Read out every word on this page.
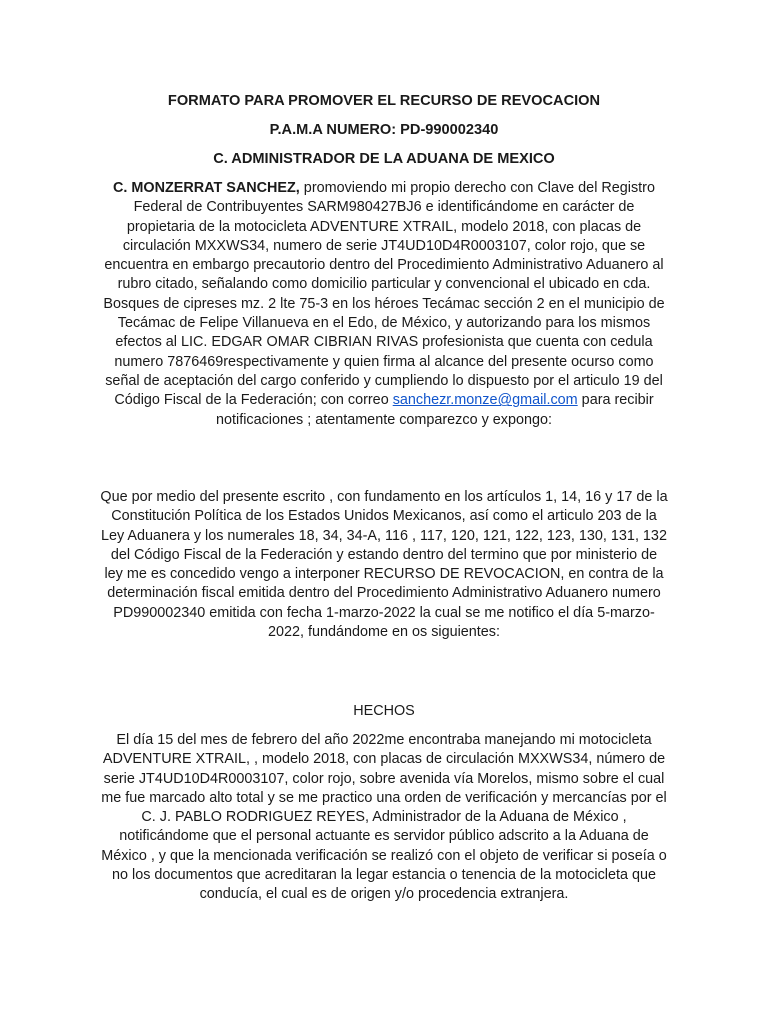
FORMATO PARA PROMOVER EL RECURSO DE REVOCACION

P.A.M.A NUMERO: PD-990002340

C. ADMINISTRADOR DE LA ADUANA DE MEXICO

C. MONZERRAT SANCHEZ, promoviendo mi propio derecho con Clave del Registro Federal de Contribuyentes SARM980427BJ6 e identificándome en carácter de propietaria de la motocicleta ADVENTURE XTRAIL, modelo 2018, con placas de circulación MXXWS34, numero de serie JT4UD10D4R0003107, color rojo, que se encuentra en embargo precautorio dentro del Procedimiento Administrativo Aduanero al rubro citado, señalando como domicilio particular y convencional el ubicado en cda. Bosques de cipreses mz. 2 lte 75-3 en los héroes Tecámac sección 2 en el municipio de Tecámac de Felipe Villanueva en el Edo, de México, y autorizando para los mismos efectos al LIC. EDGAR OMAR CIBRIAN RIVAS profesionista que cuenta con cedula numero 7876469respectivamente y quien firma al alcance del presente ocurso como señal de aceptación del cargo conferido y cumpliendo lo dispuesto por el articulo 19 del Código Fiscal de la Federación; con correo sanchezr.monze@gmail.com para recibir notificaciones ; atentamente comparezco y expongo:

Que por medio del presente escrito , con fundamento en los artículos 1, 14, 16 y 17 de la Constitución Política de los Estados Unidos Mexicanos, así como el articulo 203 de la Ley Aduanera y los numerales 18, 34, 34-A, 116 , 117, 120, 121, 122, 123, 130, 131, 132 del Código Fiscal de la Federación y estando dentro del termino que por ministerio de ley me es concedido vengo a interponer RECURSO DE REVOCACION, en contra de la determinación fiscal emitida dentro del Procedimiento Administrativo Aduanero numero PD990002340 emitida con fecha 1-marzo-2022 la cual se me notifico el día 5-marzo-2022, fundándome en os siguientes:

HECHOS

El día 15 del mes de febrero del año 2022me encontraba manejando mi motocicleta ADVENTURE XTRAIL, , modelo 2018, con placas de circulación MXXWS34, número de serie JT4UD10D4R0003107, color rojo, sobre avenida vía Morelos, mismo sobre el cual me fue marcado alto total y se me practico una orden de verificación y mercancías por el C. J. PABLO RODRIGUEZ REYES, Administrador de la Aduana de México , notificándome que el personal actuante es servidor público adscrito a la Aduana de México , y que la mencionada verificación se realizó con el objeto de verificar si poseía o no los documentos que acreditaran la legar estancia o tenencia de la motocicleta que conducía, el cual es de origen y/o procedencia extranjera.
